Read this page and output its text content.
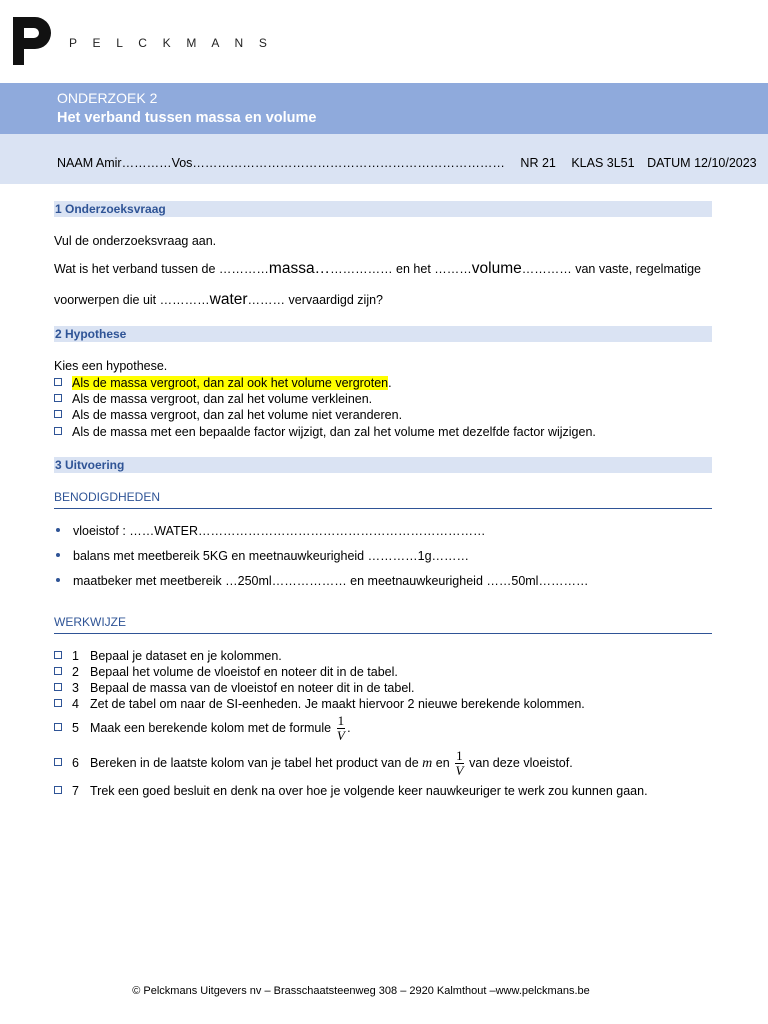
P E L C K M A N S
ONDERZOEK 2
Het verband tussen massa en volume
NAAM Amir…………Vos………………………………………………………………… NR 21 KLAS 3L51 DATUM 12/10/2023
1 Onderzoeksvraag
Vul de onderzoeksvraag aan.
Wat is het verband tussen de …………massa……………… en het ………volume………… van vaste, regelmatige
voorwerpen die uit …………water……… vervaardigd zijn?
2 Hypothese
Kies een hypothese.
Als de massa vergroot, dan zal ook het volume vergroten.
Als de massa vergroot, dan zal het volume verkleinen.
Als de massa vergroot, dan zal het volume niet veranderen.
Als de massa met een bepaalde factor wijzigt, dan zal het volume met dezelfde factor wijzigen.
3 Uitvoering
BENODIGDHEDEN
vloeistof : ……WATER……………………………………………………………
balans met meetbereik 5KG en meetnauwkeurigheid …………1g………
maatbeker met meetbereik …250ml……………… en meetnauwkeurigheid ……50ml…………
WERKWIJZE
1 Bepaal je dataset en je kolommen.
2 Bepaal het volume de vloeistof en noteer dit in de tabel.
3 Bepaal de massa van de vloeistof en noteer dit in de tabel.
4 Zet de tabel om naar de SI-eenheden. Je maakt hiervoor 2 nieuwe berekende kolommen.
5 Maak een berekende kolom met de formule $\frac{1}{V}$ .
6 Bereken in de laatste kolom van je tabel het product van de m en $\frac{1}{V}$ van deze vloeistof.
7 Trek een goed besluit en denk na over hoe je volgende keer nauwkeuriger te werk zou kunnen gaan.
© Pelckmans Uitgevers nv – Brasschaatsteenweg 308 – 2920 Kalmthout –www.pelckmans.be
